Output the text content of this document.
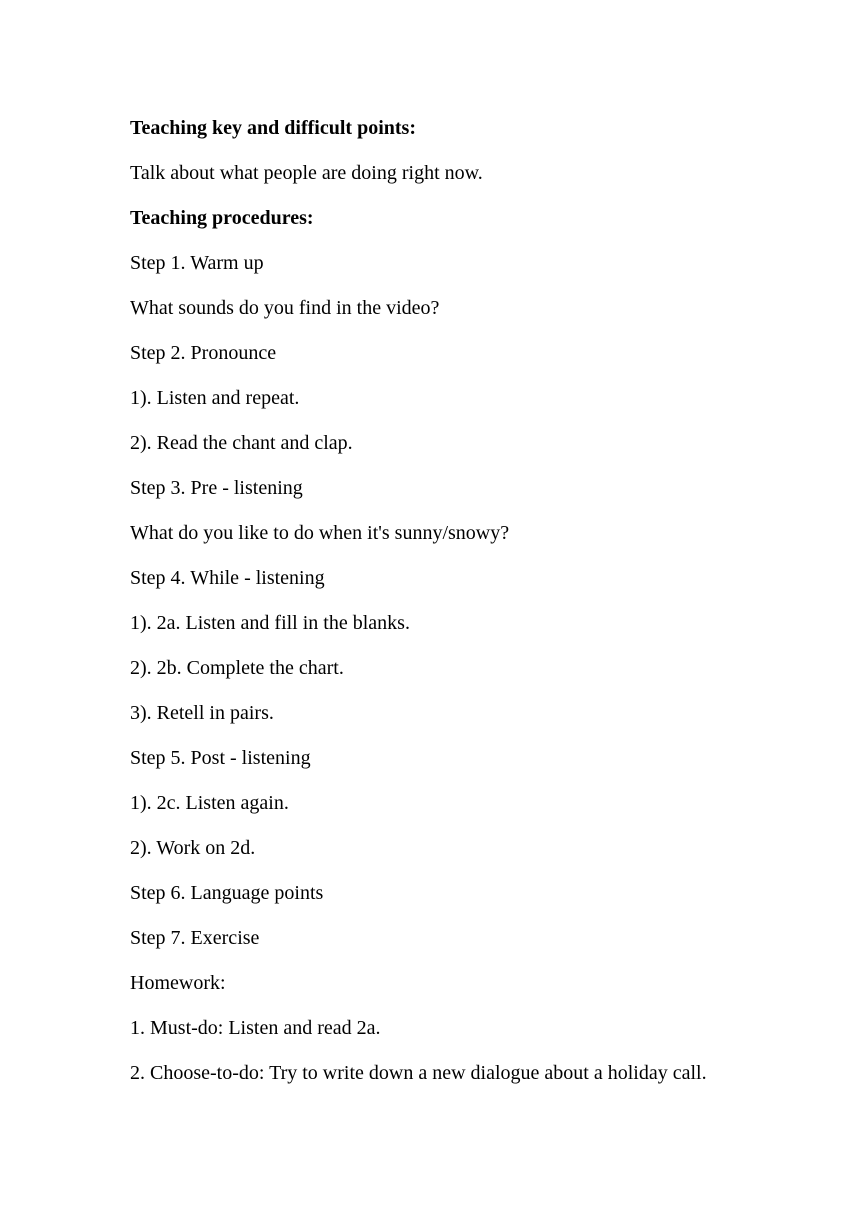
Teaching key and difficult points:
Talk about what people are doing right now.
Teaching procedures:
Step 1. Warm up
What sounds do you find in the video?
Step 2. Pronounce
1). Listen and repeat.
2). Read the chant and clap.
Step 3. Pre - listening
What do you like to do when it's sunny/snowy?
Step 4. While - listening
1). 2a. Listen and fill in the blanks.
2). 2b. Complete the chart.
3). Retell in pairs.
Step 5. Post - listening
1). 2c. Listen again.
2). Work on 2d.
Step 6. Language points
Step 7. Exercise
Homework:
1. Must-do: Listen and read 2a.
2. Choose-to-do: Try to write down a new dialogue about a holiday call.
